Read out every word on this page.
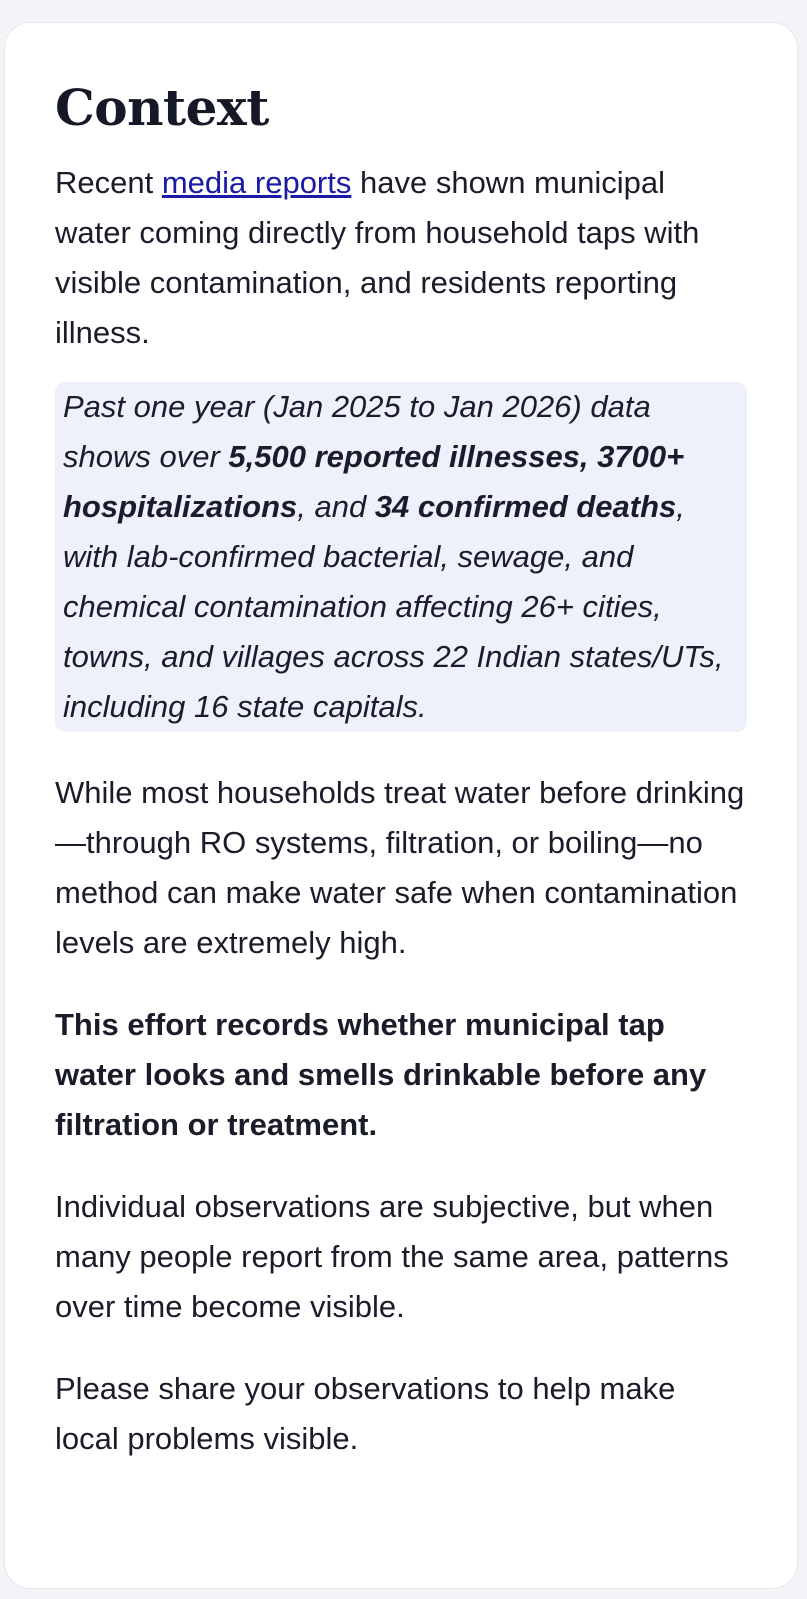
Context

Recent media reports have shown municipal water coming directly from household taps with visible contamination, and residents reporting illness.

Past one year (Jan 2025 to Jan 2026) data shows over 5,500 reported illnesses, 3700+ hospitalizations, and 34 confirmed deaths, with lab-confirmed bacterial, sewage, and chemical contamination affecting 26+ cities, towns, and villages across 22 Indian states/UTs, including 16 state capitals.

While most households treat water before drinking—through RO systems, filtration, or boiling—no method can make water safe when contamination levels are extremely high.

This effort records whether municipal tap water looks and smells drinkable before any filtration or treatment.

Individual observations are subjective, but when many people report from the same area, patterns over time become visible.

Please share your observations to help make local problems visible.
